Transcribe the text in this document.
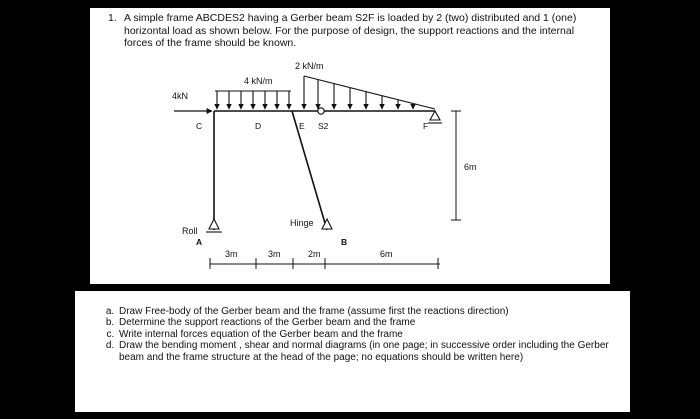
1. A simple frame ABCDES2 having a Gerber beam S2F is loaded by 2 (two) distributed and 1 (one) horizontal load as shown below. For the purpose of design, the support reactions and the internal forces of the frame should be known.
4kN
4 kN/m
2 kN/m
C	D	E S2	F
A	B
Roll
Hinge
6m
3m	3m	2m	6m
a. Draw Free-body of the Gerber beam and the frame (assume first the reactions direction)
b. Determine the support reactions of the Gerber beam and the frame
c. Write internal forces equation of the Gerber beam and the frame
d. Draw the bending moment , shear and normal diagrams (in one page; in successive order including the Gerber beam and the frame structure at the head of the page; no equations should be written here)
